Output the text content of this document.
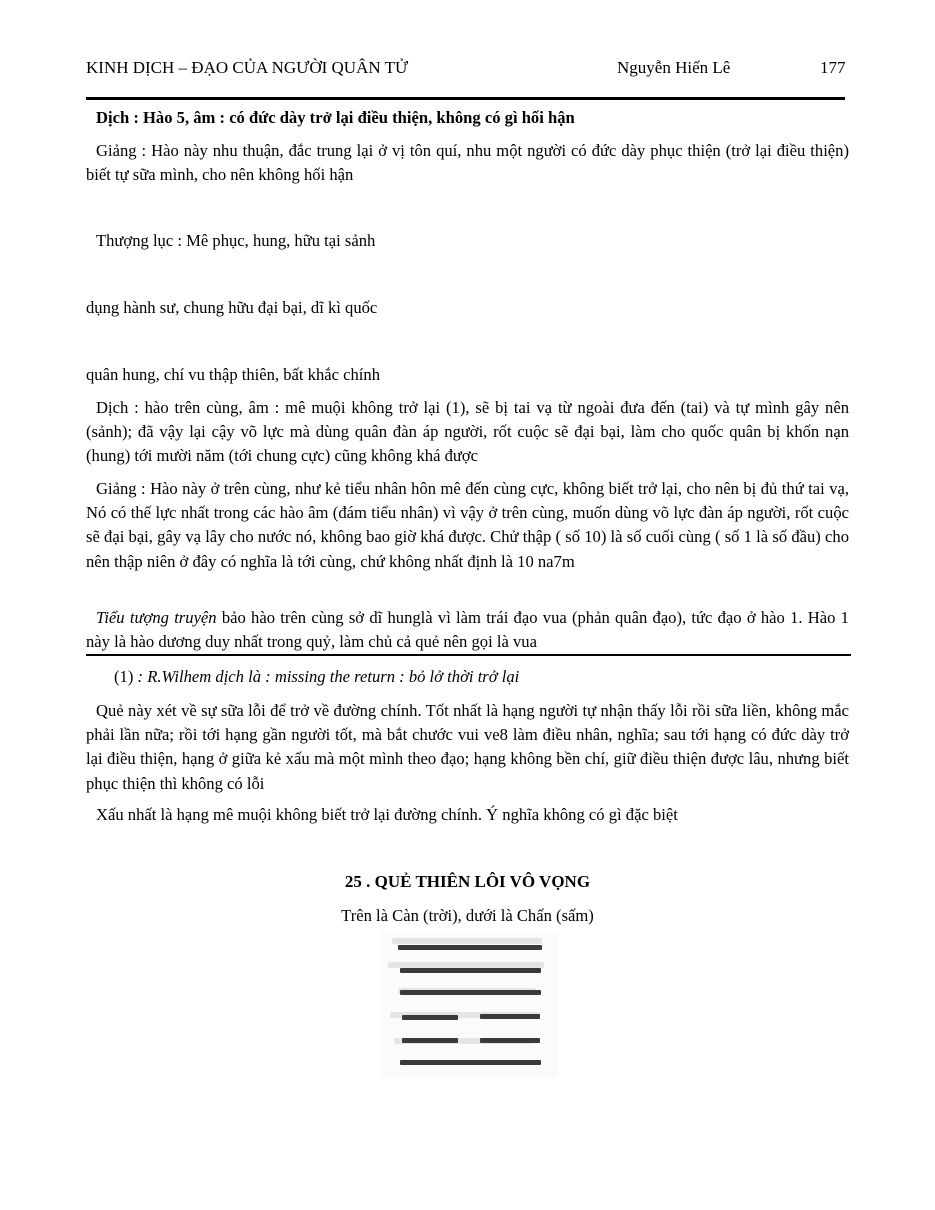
KINH DỊCH – ĐẠO CỦA NGƯỜI QUÂN TỬ	Nguyễn Hiến Lê	177

Dịch : Hào 5, âm : có đức dày trở lại điều thiện, không có gì hối hận

Giảng : Hào này nhu thuận, đắc trung lại ở vị tôn quí, nhu một người có đức dày phục thiện (trở lại điều thiện) biết tự sữa mình, cho nên không hối hận

Thượng lục : Mê phục, hung, hữu tại sảnh

dụng hành sư, chung hữu đại bại, dĩ kì quốc

quân hung, chí vu thập thiên, bất khắc chính

Dịch : hào trên cùng, âm : mê muội không trở lại (1), sẽ bị tai vạ từ ngoài đưa đến (tai) và tự mình gây nên (sảnh); đã vậy lại cậy võ lực mà dùng quân đàn áp người, rốt cuộc sẽ đại bại, làm cho quốc quân bị khốn nạn (hung) tới mười năm (tới chung cực) cũng không khá được

Giảng : Hào này ở trên cùng, như kẻ tiểu nhân hôn mê đến cùng cực, không biết trở lại, cho nên bị đủ thứ tai vạ, Nó có thế lực nhất trong các hào âm (đám tiểu nhân) vì vậy ở trên cùng, muốn dùng võ lực đàn áp người, rốt cuộc sẽ đại bại, gây vạ lây cho nước nó, không bao giờ khá được. Chử thập ( số 10) là số cuối cùng ( số 1 là số đầu) cho nên thập niên ở đây có nghĩa là tới cùng, chứ không nhất định là 10 na7m

Tiểu tượng truyện bảo hào trên cùng sở dĩ hunglà vì làm trái đạo vua (phản quân đạo), tức đạo ở hào 1. Hào 1 này là hào dương duy nhất trong quỷ, làm chủ cả quẻ nên gọi là vua

(1) : R.Wilhem dịch là : missing the return : bỏ lở thời trở lại

Quẻ này xét về sự sữa lỗi để trở về đường chính. Tốt nhất là hạng người tự nhận thấy lỗi rồi sữa liền, không mắc phải lần nữa; rồi tới hạng gần người tốt, mà bắt chước vui ve8 làm điều nhân, nghĩa; sau tới hạng có đức dày trở lại điều thiện, hạng ở giữa kẻ xấu mà một mình theo đạo; hạng không bền chí, giữ điều thiện được lâu, nhưng biết phục thiện thì không có lỗi

Xấu nhất là hạng mê muội không biết trở lại đường chính. Ý nghĩa không có gì đặc biệt

25 . QUẺ THIÊN LÔI VÔ VỌNG
Trên là Càn (trời), dưới là Chấn (sấm)
